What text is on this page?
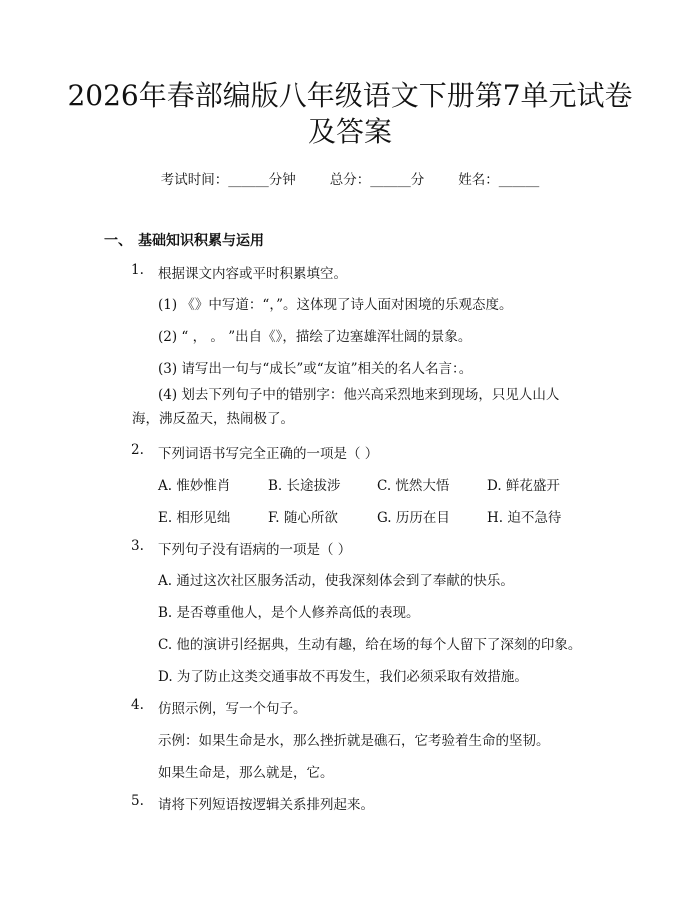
2026年春部编版八年级语文下册第7单元试卷及答案
考试时间：______分钟	总分：______分	姓名：______
一、 基础知识积累与运用
1. 根据课文内容或平时积累填空。
(1) 《》中写道：“，”。这体现了诗人面对困境的乐观态度。
(2) “ ， 。 ”出自《》，描绘了边塞雄浑壮阔的景象。
(3) 请写出一句与“成长”或“友谊”相关的名人名言：。
(4) 划去下列句子中的错别字：他兴高采烈地来到现场，只见人山人海，沸反盈天，热闹极了。
2. 下列词语书写完全正确的一项是（ ）
A. 惟妙惟肖	B. 长途拔涉	C. 恍然大悟	D. 鲜花盛开
E. 相形见绌	F. 随心所欲	G. 历历在目	H. 迫不急待
3. 下列句子没有语病的一项是（ ）
A. 通过这次社区服务活动，使我深刻体会到了奉献的快乐。
B. 是否尊重他人，是个人修养高低的表现。
C. 他的演讲引经据典，生动有趣，给在场的每个人留下了深刻的印象。
D. 为了防止这类交通事故不再发生，我们必须采取有效措施。
4. 仿照示例，写一个句子。
示例：如果生命是水，那么挫折就是礁石，它考验着生命的坚韧。
如果生命是，那么就是，它。
5. 请将下列短语按逻辑关系排列起来。
